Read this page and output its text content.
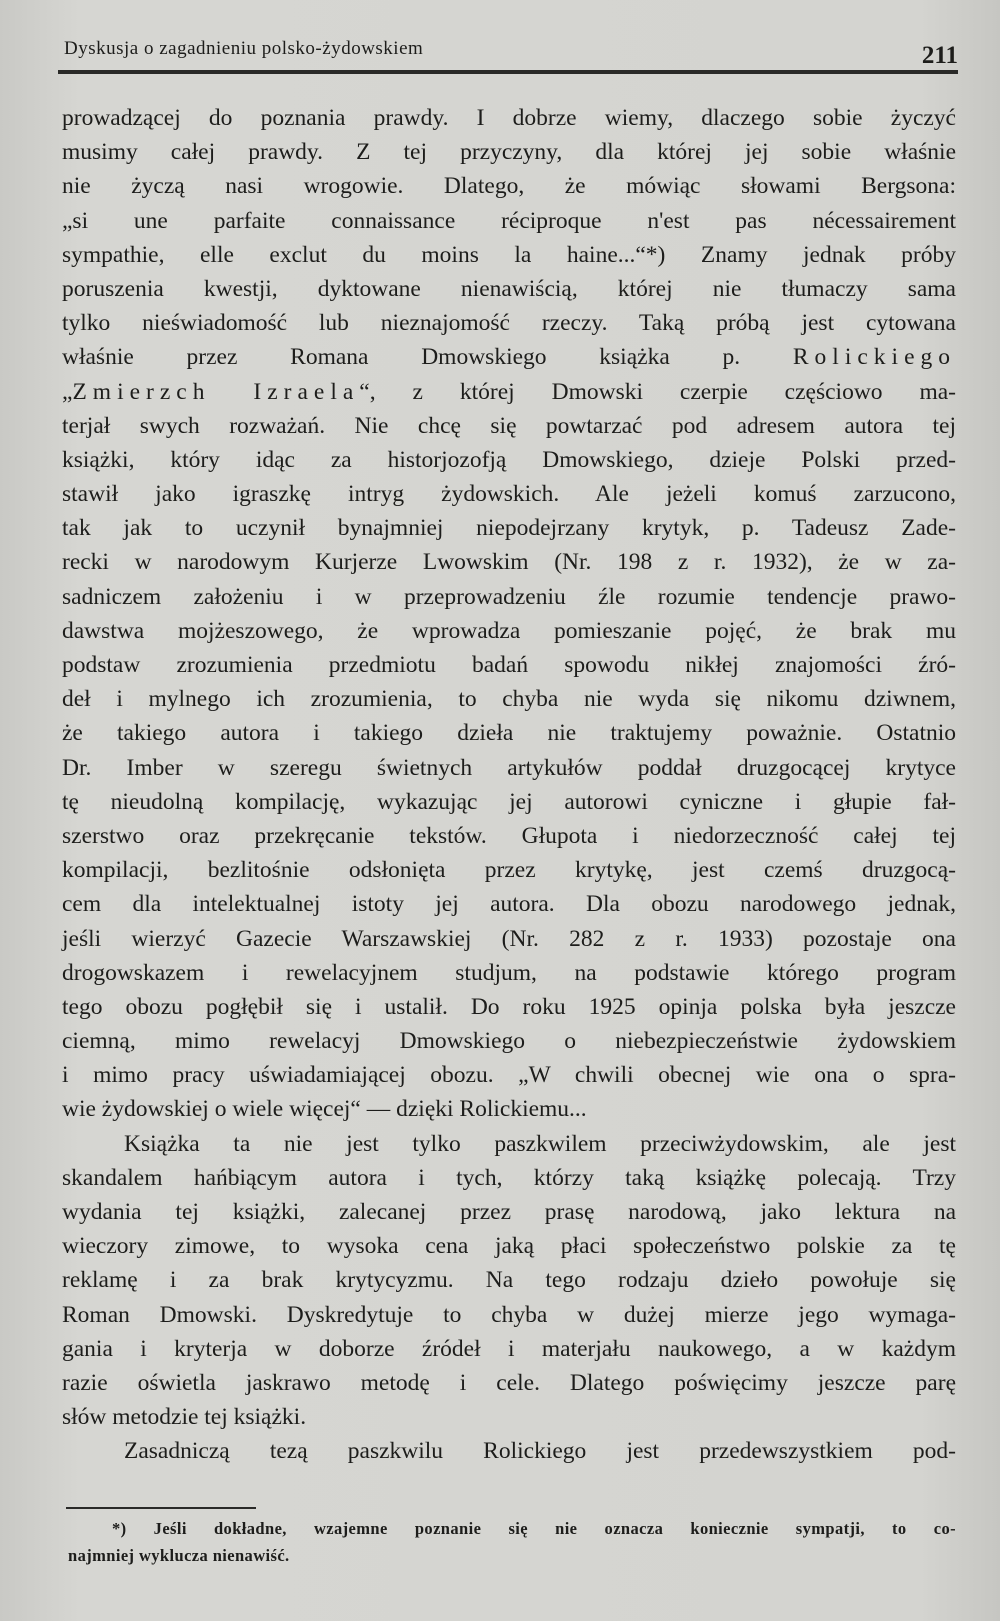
Dyskusja o zagadnieniu polsko-żydowskiem	211
prowadzącej do poznania prawdy. I dobrze wiemy, dlaczego sobie życzyć
musimy całej prawdy. Z tej przyczyny, dla której jej sobie właśnie
nie życzą nasi wrogowie. Dlatego, że mówiąc słowami Bergsona:
„si une parfaite connaissance réciproque n'est pas nécessairement
sympathie, elle exclut du moins la haine...“*) Znamy jednak próby
poruszenia kwestji, dyktowane nienawiścią, której nie tłumaczy sama
tylko nieświadomość lub nieznajomość rzeczy. Taką próbą jest cytowana
właśnie przez Romana Dmowskiego książka p. Rolickiego
„Zmierzch Izraela“, z której Dmowski czerpie częściowo ma-
terjał swych rozważań. Nie chcę się powtarzać pod adresem autora tej
książki, który idąc za historjozofją Dmowskiego, dzieje Polski przed-
stawił jako igraszkę intryg żydowskich. Ale jeżeli komuś zarzucono,
tak jak to uczynił bynajmniej niepodejrzany krytyk, p. Tadeusz Zade-
recki w narodowym Kurjerze Lwowskim (Nr. 198 z r. 1932), że w za-
sadniczem założeniu i w przeprowadzeniu źle rozumie tendencje prawo-
dawstwa mojżeszowego, że wprowadza pomieszanie pojęć, że brak mu
podstaw zrozumienia przedmiotu badań spowodu nikłej znajomości źró-
deł i mylnego ich zrozumienia, to chyba nie wyda się nikomu dziwnem,
że takiego autora i takiego dzieła nie traktujemy poważnie. Ostatnio
Dr. Imber w szeregu świetnych artykułów poddał druzgocącej krytyce
tę nieudolną kompilację, wykazując jej autorowi cyniczne i głupie fał-
szerstwo oraz przekręcanie tekstów. Głupota i niedorzeczność całej tej
kompilacji, bezlitośnie odsłonięta przez krytykę, jest czemś druzgocą-
cem dla intelektualnej istoty jej autora. Dla obozu narodowego jednak,
jeśli wierzyć Gazecie Warszawskiej (Nr. 282 z r. 1933) pozostaje ona
drogowskazem i rewelacyjnem studjum, na podstawie którego program
tego obozu pogłębił się i ustalił. Do roku 1925 opinja polska była jeszcze
ciemną, mimo rewelacyj Dmowskiego o niebezpieczeństwie żydowskiem
i mimo pracy uświadamiającej obozu. „W chwili obecnej wie ona o spra-
wie żydowskiej o wiele więcej“ — dzięki Rolickiemu...
Książka ta nie jest tylko paszkwilem przeciwżydowskim, ale jest
skandalem hańbiącym autora i tych, którzy taką książkę polecają. Trzy
wydania tej książki, zalecanej przez prasę narodową, jako lektura na
wieczory zimowe, to wysoka cena jaką płaci społeczeństwo polskie za tę
reklamę i za brak krytycyzmu. Na tego rodzaju dzieło powołuje się
Roman Dmowski. Dyskredytuje to chyba w dużej mierze jego wymaga-
gania i kryterja w doborze źródeł i materjału naukowego, a w każdym
razie oświetla jaskrawo metodę i cele. Dlatego poświęcimy jeszcze parę
słów metodzie tej książki.
Zasadniczą tezą paszkwilu Rolickiego jest przedewszystkiem pod-
*) Jeśli dokładne, wzajemne poznanie się nie oznacza koniecznie sympatji, to co-
najmniej wyklucza nienawiść.
